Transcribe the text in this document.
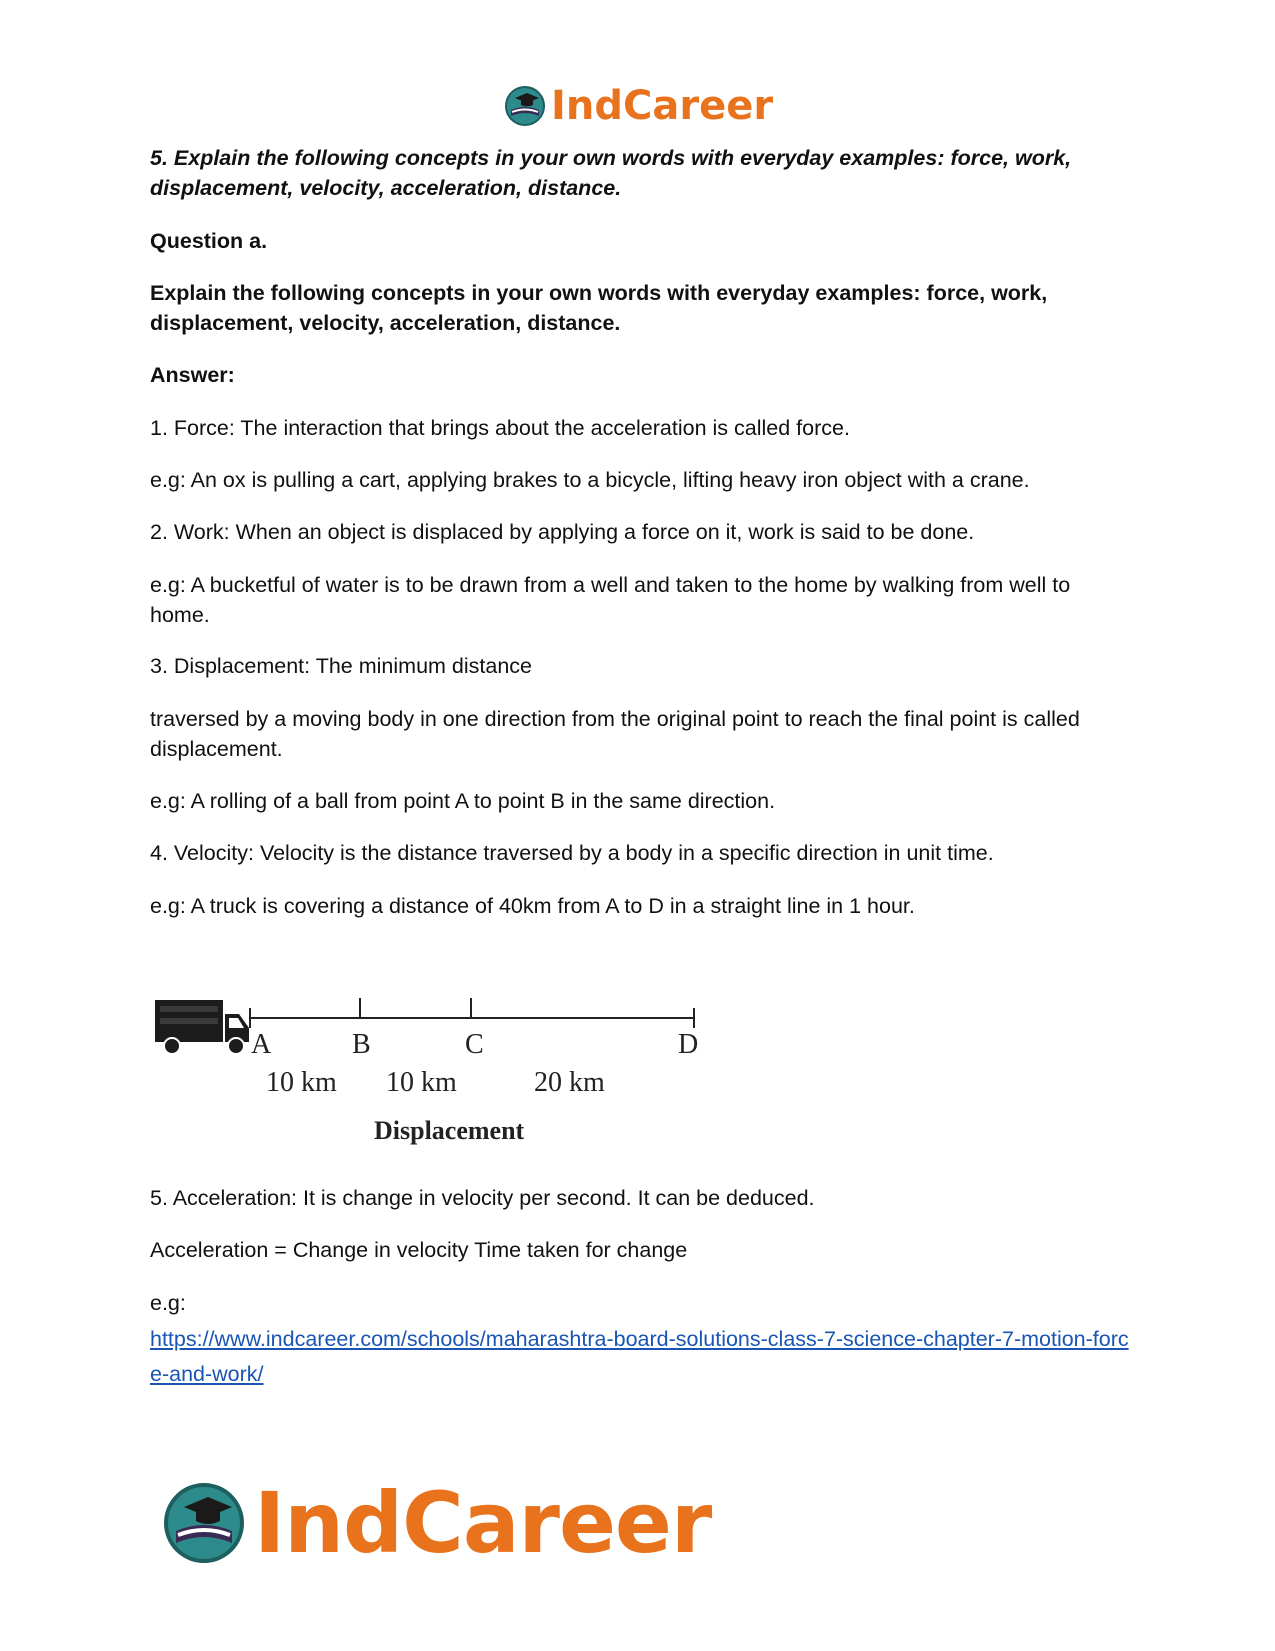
IndCareer

5. Explain the following concepts in your own words with everyday examples: force, work, displacement, velocity, acceleration, distance.

Question a.

Explain the following concepts in your own words with everyday examples: force, work, displacement, velocity, acceleration, distance.

Answer:

1. Force: The interaction that brings about the acceleration is called force.

e.g: An ox is pulling a cart, applying brakes to a bicycle, lifting heavy iron object with a crane.

2. Work: When an object is displaced by applying a force on it, work is said to be done.

e.g: A bucketful of water is to be drawn from a well and taken to the home by walking from well to home.

3. Displacement: The minimum distance

traversed by a moving body in one direction from the original point to reach the final point is called displacement.

e.g: A rolling of a ball from point A to point B in the same direction.

4. Velocity: Velocity is the distance traversed by a body in a specific direction in unit time.

e.g: A truck is covering a distance of 40km from A to D in a straight line in 1 hour.

A	B	C	D
10 km 10 km	20 km
Displacement

5. Acceleration: It is change in velocity per second. It can be deduced.

Acceleration = Change in velocity Time taken for change

e.g:

https://www.indcareer.com/schools/maharashtra-board-solutions-class-7-science-chapter-7-motion-force-and-work/

IndCareer
